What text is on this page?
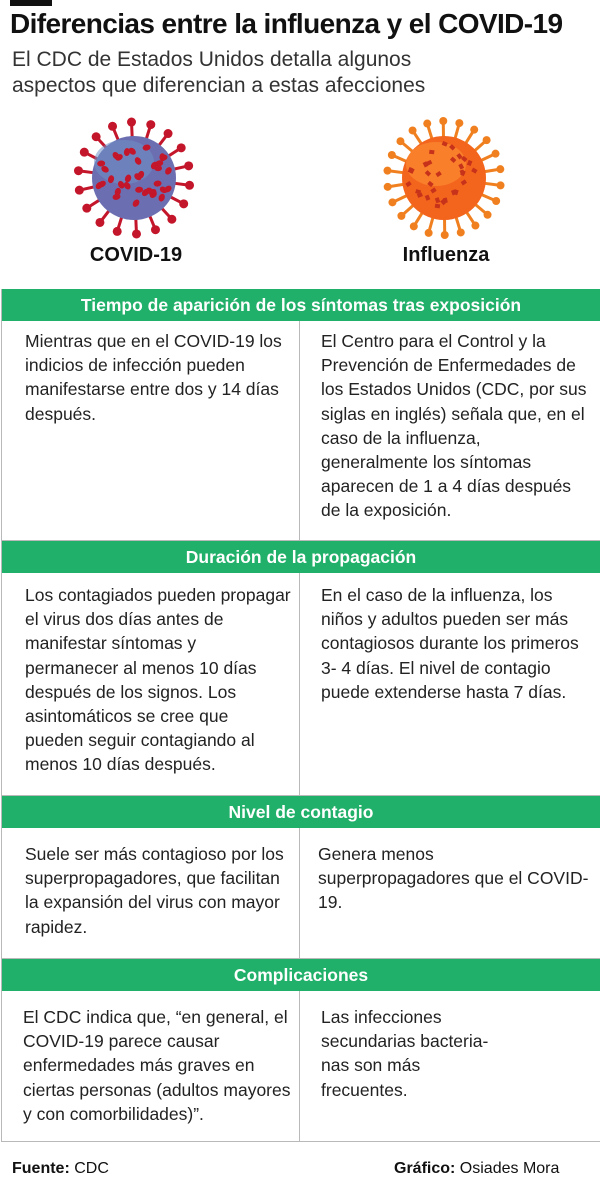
Diferencias entre la influenza y el COVID-19
El CDC de Estados Unidos detalla algunos aspectos que diferencian a estas afecciones
COVID-19	Influenza
Tiempo de aparición de los síntomas tras exposición
Mientras que en el COVID-19 los indicios de infección pueden manifestarse entre dos y 14 días después.
El Centro para el Control y la Prevención de Enfermedades de los Estados Unidos (CDC, por sus siglas en inglés) señala que, en el caso de la influenza, generalmente los síntomas aparecen de 1 a 4 días después de la exposición.
Duración de la propagación
Los contagiados pueden propagar el virus dos días antes de manifestar síntomas y permanecer al menos 10 días después de los signos. Los asintomáticos se cree que pueden seguir contagiando al menos 10 días después.
En el caso de la influenza, los niños y adultos pueden ser más contagiosos durante los primeros 3- 4 días. El nivel de contagio puede extenderse hasta 7 días.
Nivel de contagio
Suele ser más contagioso por los superpropagadores, que facilitan la expansión del virus con mayor rapidez.
Genera menos superpropagadores que el COVID-19.
Complicaciones
El CDC indica que, “en general, el COVID-19 parece causar enfermedades más graves en ciertas personas (adultos mayores y con comorbilidades)”.
Las infecciones secundarias bacteria- nas son más frecuentes.
Fuente: CDC	Gráfico: Osiades Mora
